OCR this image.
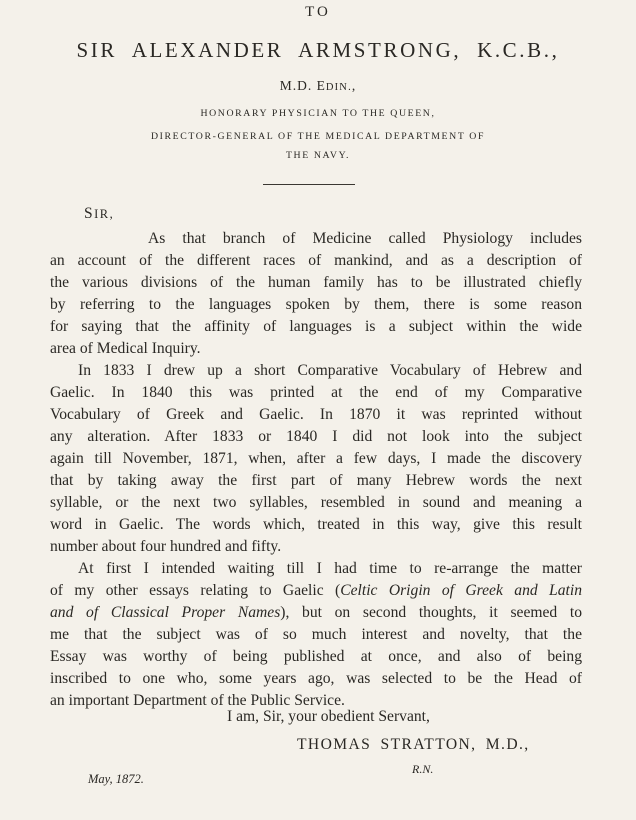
TO
SIR ALEXANDER ARMSTRONG, K.C.B.,
M.D. EDIN.,
HONORARY PHYSICIAN TO THE QUEEN,
DIRECTOR-GENERAL OF THE MEDICAL DEPARTMENT OF
THE NAVY.
SIR,
As that branch of Medicine called Physiology includes
an account of the different races of mankind, and as a description of
the various divisions of the human family has to be illustrated chiefly
by referring to the languages spoken by them, there is some reason
for saying that the affinity of languages is a subject within the wide
area of Medical Inquiry.
In 1833 I drew up a short Comparative Vocabulary of Hebrew and
Gaelic. In 1840 this was printed at the end of my Comparative
Vocabulary of Greek and Gaelic. In 1870 it was reprinted without
any alteration. After 1833 or 1840 I did not look into the subject
again till November, 1871, when, after a few days, I made the discovery
that by taking away the first part of many Hebrew words the next
syllable, or the next two syllables, resembled in sound and meaning a
word in Gaelic. The words which, treated in this way, give this result
number about four hundred and fifty.
At first I intended waiting till I had time to re-arrange the matter
of my other essays relating to Gaelic (Celtic Origin of Greek and Latin
and of Classical Proper Names), but on second thoughts, it seemed to
me that the subject was of so much interest and novelty, that the
Essay was worthy of being published at once, and also of being
inscribed to one who, some years ago, was selected to be the Head of
an important Department of the Public Service.
I am, Sir, your obedient Servant,
THOMAS STRATTON, M.D.,
R.N.
May, 1872.
